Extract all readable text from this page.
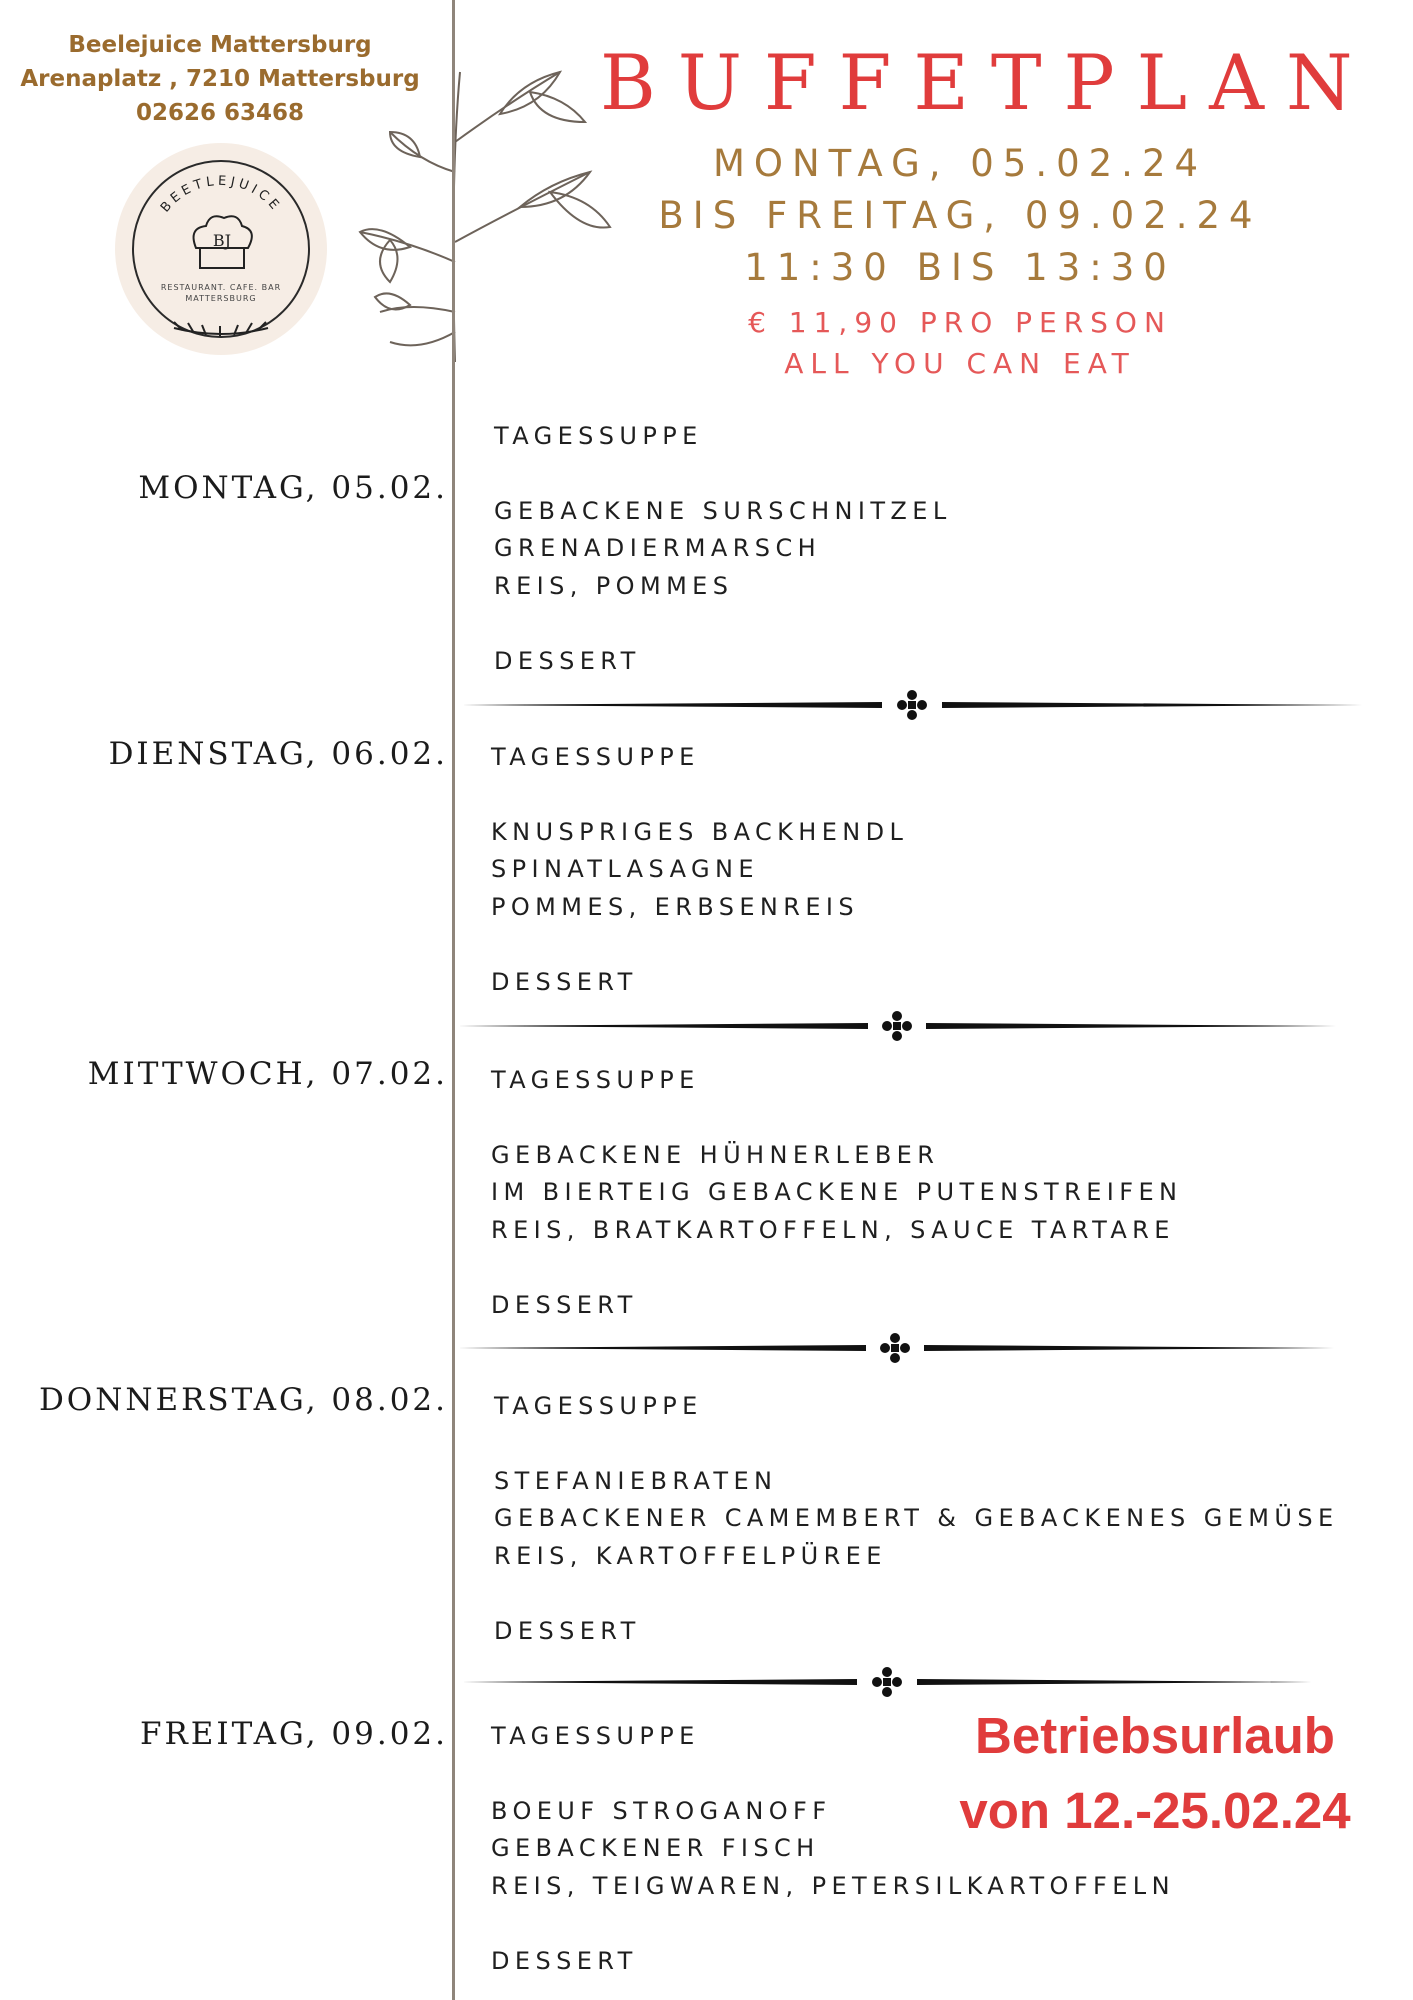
Beelejuice Mattersburg
Arenaplatz , 7210 Mattersburg
02626 63468
BEETLEJUICE
BJ
RESTAURANT. CAFE. BAR
MATTERSBURG
BUFFETPLAN
MONTAG, 05.02.24
BIS FREITAG, 09.02.24
11:30 BIS 13:30
€ 11,90 PRO PERSON
ALL YOU CAN EAT
MONTAG, 05.02.
TAGESSUPPE
GEBACKENE SURSCHNITZEL
GRENADIERMARSCH
REIS, POMMES
DESSERT
DIENSTAG, 06.02. TAGESSUPPE
KNUSPRIGES BACKHENDL
SPINATLASAGNE
POMMES, ERBSENREIS
DESSERT
MITTWOCH, 07.02. TAGESSUPPE
GEBACKENE HÜHNERLEBER
IM BIERTEIG GEBACKENE PUTENSTREIFEN
REIS, BRATKARTOFFELN, SAUCE TARTARE
DESSERT
DONNERSTAG, 08.02. TAGESSUPPE
STEFANIEBRATEN
GEBACKENER CAMEMBERT & GEBACKENES GEMÜSE
REIS, KARTOFFELPÜREE
DESSERT
FREITAG, 09.02. TAGESSUPPE
BOEUF STROGANOFF
GEBACKENER FISCH
REIS, TEIGWAREN, PETERSILKARTOFFELN
DESSERT
Betriebsurlaub
von 12.-25.02.24
